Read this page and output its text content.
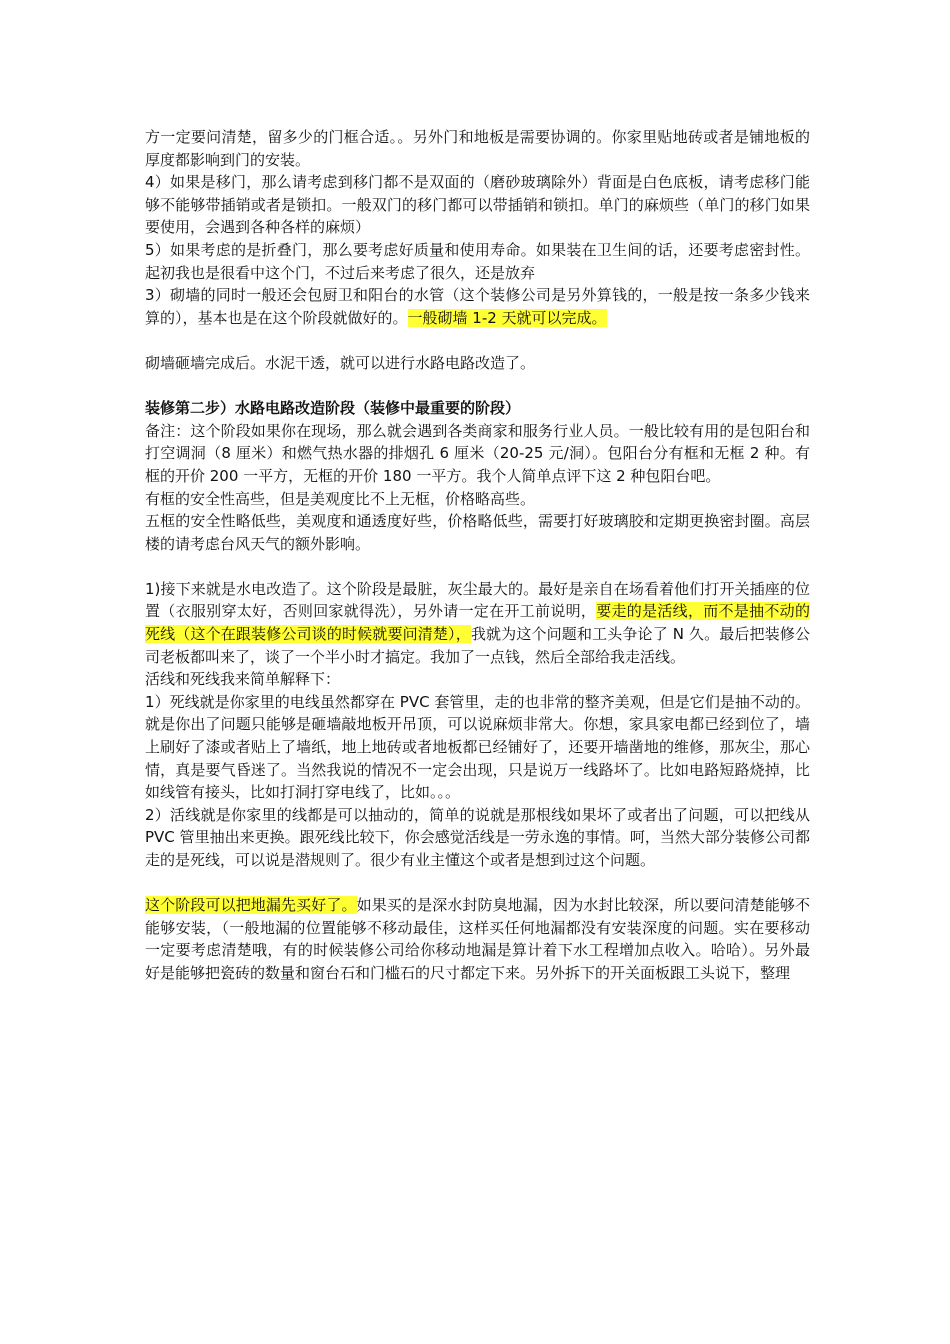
方一定要问清楚，留多少的门框合适。。另外门和地板是需要协调的。你家里贴地砖或者是铺地板的厚度都影响到门的安装。

4）如果是移门，那么请考虑到移门都不是双面的（磨砂玻璃除外）背面是白色底板，请考虑移门能够不能够带插销或者是锁扣。一般双门的移门都可以带插销和锁扣。单门的麻烦些（单门的移门如果要使用，会遇到各种各样的麻烦）

5）如果考虑的是折叠门，那么要考虑好质量和使用寿命。如果装在卫生间的话，还要考虑密封性。起初我也是很看中这个门，不过后来考虑了很久，还是放弃

3）砌墙的同时一般还会包厨卫和阳台的水管（这个装修公司是另外算钱的，一般是按一条多少钱来算的），基本也是在这个阶段就做好的。一般砌墙 1-2 天就可以完成。

砌墙砸墙完成后。水泥干透，就可以进行水路电路改造了。

装修第二步）水路电路改造阶段（装修中最重要的阶段）

备注：这个阶段如果你在现场，那么就会遇到各类商家和服务行业人员。一般比较有用的是包阳台和打空调洞（8 厘米）和燃气热水器的排烟孔 6 厘米（20-25 元/洞）。包阳台分有框和无框 2 种。有框的开价 200 一平方，无框的开价 180 一平方。我个人简单点评下这 2 种包阳台吧。

有框的安全性高些，但是美观度比不上无框，价格略高些。

五框的安全性略低些，美观度和通透度好些，价格略低些，需要打好玻璃胶和定期更换密封圈。高层楼的请考虑台风天气的额外影响。

1)接下来就是水电改造了。这个阶段是最脏，灰尘最大的。最好是亲自在场看着他们打开关插座的位置（衣服别穿太好，否则回家就得洗），另外请一定在开工前说明，要走的是活线，而不是抽不动的死线（这个在跟装修公司谈的时候就要问清楚），我就为这个问题和工头争论了 N 久。最后把装修公司老板都叫来了，谈了一个半小时才搞定。我加了一点钱，然后全部给我走活线。

活线和死线我来简单解释下：

1）死线就是你家里的电线虽然都穿在 PVC 套管里，走的也非常的整齐美观，但是它们是抽不动的。就是你出了问题只能够是砸墙敲地板开吊顶，可以说麻烦非常大。你想，家具家电都已经到位了，墙上刷好了漆或者贴上了墙纸，地上地砖或者地板都已经铺好了，还要开墙凿地的维修，那灰尘，那心情，真是要气昏迷了。当然我说的情况不一定会出现，只是说万一线路坏了。比如电路短路烧掉，比如线管有接头，比如打洞打穿电线了，比如。。。

2）活线就是你家里的线都是可以抽动的，简单的说就是那根线如果坏了或者出了问题，可以把线从 PVC 管里抽出来更换。跟死线比较下，你会感觉活线是一劳永逸的事情。呵，当然大部分装修公司都走的是死线，可以说是潜规则了。很少有业主懂这个或者是想到过这个问题。

这个阶段可以把地漏先买好了。如果买的是深水封防臭地漏，因为水封比较深，所以要问清楚能够不能够安装，（一般地漏的位置能够不移动最佳，这样买任何地漏都没有安装深度的问题。实在要移动一定要考虑清楚哦，有的时候装修公司给你移动地漏是算计着下水工程增加点收入。哈哈）。另外最好是能够把瓷砖的数量和窗台石和门槛石的尺寸都定下来。另外拆下的开关面板跟工头说下，整理
